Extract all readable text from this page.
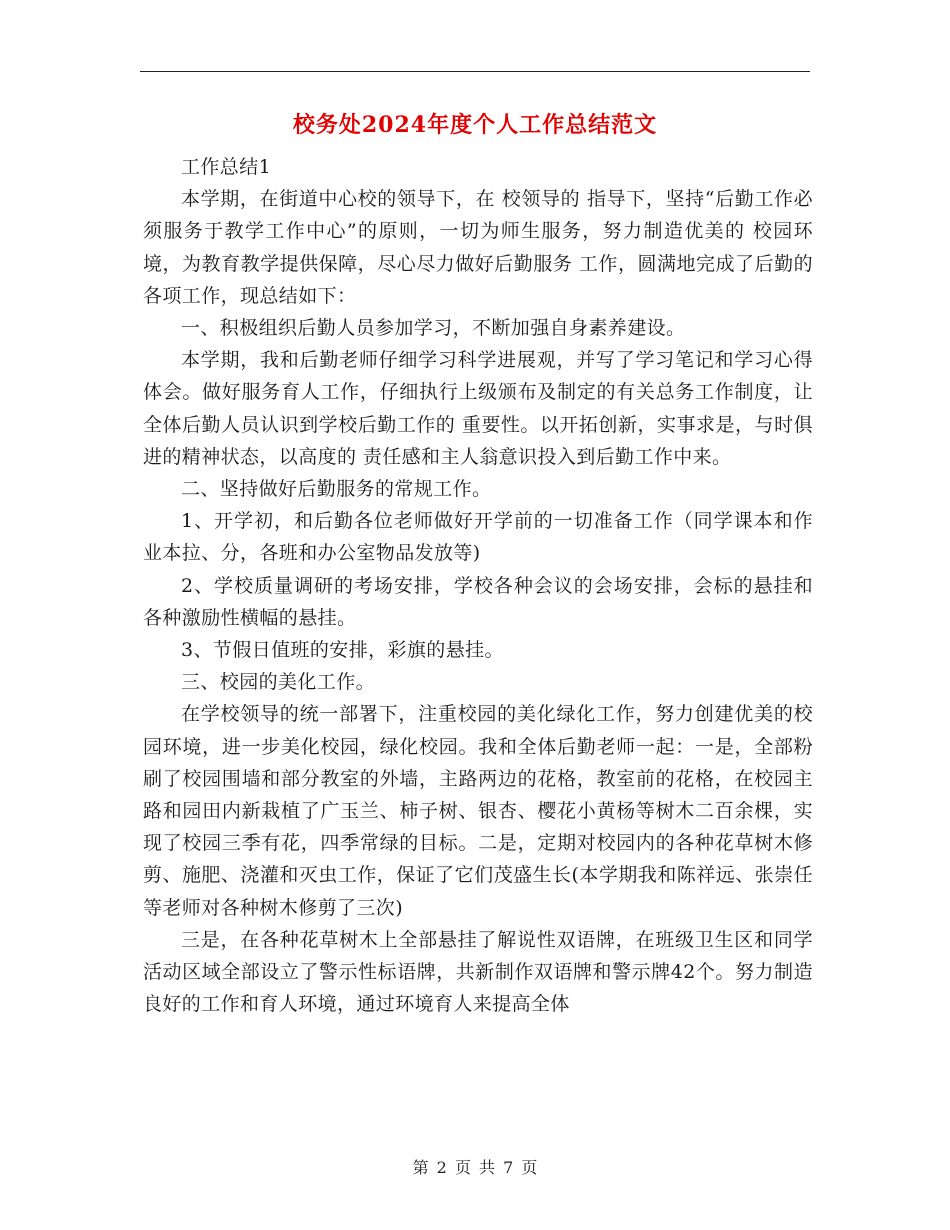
校务处2024年度个人工作总结范文

工作总结1

本学期，在街道中心校的领导下，在 校领导的 指导下，坚持“后勤工作必须服务于教学工作中心”的原则，一切为师生服务，努力制造优美的 校园环境，为教育教学提供保障，尽心尽力做好后勤服务 工作，圆满地完成了后勤的各项工作，现总结如下：

一、积极组织后勤人员参加学习，不断加强自身素养建设。

本学期，我和后勤老师仔细学习科学进展观，并写了学习笔记和学习心得体会。做好服务育人工作，仔细执行上级颁布及制定的有关总务工作制度，让全体后勤人员认识到学校后勤工作的 重要性。以开拓创新，实事求是，与时俱进的精神状态，以高度的 责任感和主人翁意识投入到后勤工作中来。

二、坚持做好后勤服务的常规工作。

1、开学初，和后勤各位老师做好开学前的一切准备工作（同学课本和作业本拉、分，各班和办公室物品发放等)

2、学校质量调研的考场安排，学校各种会议的会场安排，会标的悬挂和各种激励性横幅的悬挂。

3、节假日值班的安排，彩旗的悬挂。

三、校园的美化工作。

在学校领导的统一部署下，注重校园的美化绿化工作，努力创建优美的校园环境，进一步美化校园，绿化校园。我和全体后勤老师一起：一是，全部粉刷了校园围墙和部分教室的外墙，主路两边的花格，教室前的花格，在校园主路和园田内新栽植了广玉兰、柿子树、银杏、樱花小黄杨等树木二百余棵，实现了校园三季有花，四季常绿的目标。二是，定期对校园内的各种花草树木修剪、施肥、浇灌和灭虫工作，保证了它们茂盛生长(本学期我和陈祥远、张崇任等老师对各种树木修剪了三次)

三是，在各种花草树木上全部悬挂了解说性双语牌，在班级卫生区和同学活动区域全部设立了警示性标语牌，共新制作双语牌和警示牌42个。努力制造良好的工作和育人环境，通过环境育人来提高全体

第 2 页 共 7 页
